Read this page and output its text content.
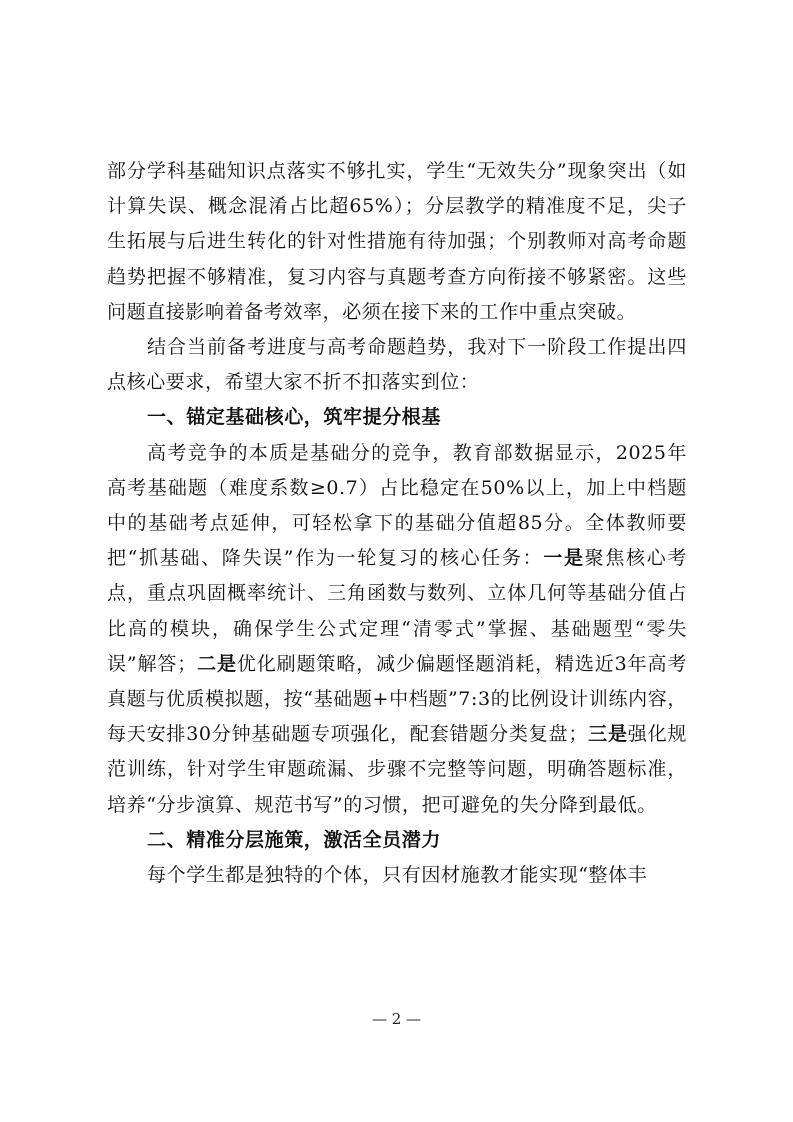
部分学科基础知识点落实不够扎实，学生“无效失分”现象突出（如计算失误、概念混淆占比超65%）；分层教学的精准度不足，尖子生拓展与后进生转化的针对性措施有待加强；个别教师对高考命题趋势把握不够精准，复习内容与真题考查方向衔接不够紧密。这些问题直接影响着备考效率，必须在接下来的工作中重点突破。

结合当前备考进度与高考命题趋势，我对下一阶段工作提出四点核心要求，希望大家不折不扣落实到位：

一、锚定基础核心，筑牢提分根基

高考竞争的本质是基础分的竞争，教育部数据显示，2025年高考基础题（难度系数≥0.7）占比稳定在50%以上，加上中档题中的基础考点延伸，可轻松拿下的基础分值超85分。全体教师要把“抓基础、降失误”作为一轮复习的核心任务：一是聚焦核心考点，重点巩固概率统计、三角函数与数列、立体几何等基础分值占比高的模块，确保学生公式定理“清零式”掌握、基础题型“零失误”解答；二是优化刷题策略，减少偏题怪题消耗，精选近3年高考真题与优质模拟题，按“基础题+中档题”7:3的比例设计训练内容，每天安排30分钟基础题专项强化，配套错题分类复盘；三是强化规范训练，针对学生审题疏漏、步骤不完整等问题，明确答题标准，培养“分步演算、规范书写”的习惯，把可避免的失分降到最低。

二、精准分层施策，激活全员潜力

每个学生都是独特的个体，只有因材施教才能实现“整体丰

— 2 —
